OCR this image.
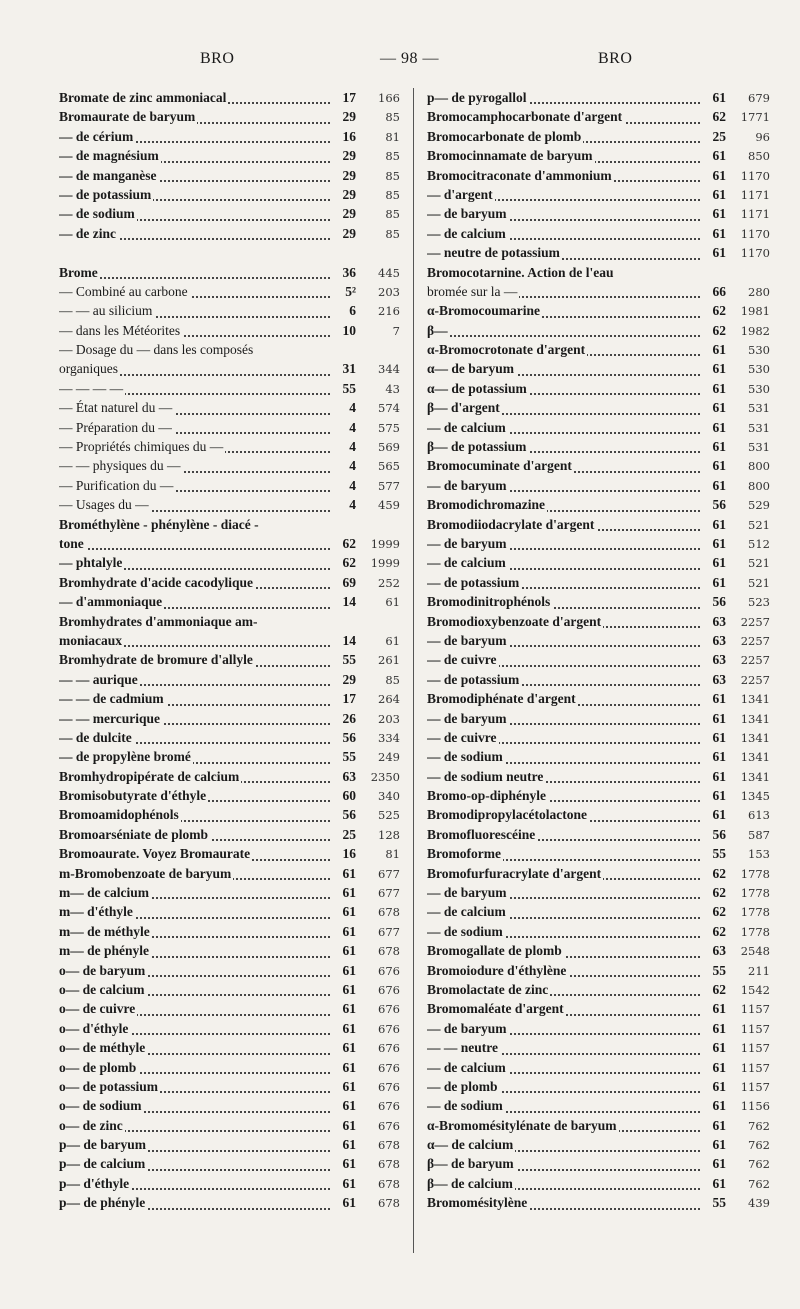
BRO	— 98 —	BRO
Bromate de zinc ammoniacal	17	166
Bromaurate de baryum	29	85
— de cérium	16	81
— de magnésium	29	85
— de manganèse	29	85
— de potassium	29	85
— de sodium	29	85
— de zinc	29	85
Brome	36	445
— Combiné au carbone	5²	203
— — au silicium	6	216
— dans les Météorites	10	7
— Dosage du — dans les composés
organiques	31	344
— — — —	55	43
— État naturel du —	4	574
— Préparation du —	4	575
— Propriétés chimiques du —	4	569
— — physiques du —	4	565
— Purification du —	4	577
— Usages du —	4	459
Brométhylène - phénylène - diacé -
tone	62	1999
— phtalyle	62	1999
Bromhydrate d'acide cacodylique	69	252
— d'ammoniaque	14	61
Bromhydrates d'ammoniaque am-
moniacaux	14	61
Bromhydrate de bromure d'allyle	55	261
— — aurique	29	85
— — de cadmium	17	264
— — mercurique	26	203
— de dulcite	56	334
— de propylène bromé	55	249
Bromhydropipérate de calcium	63	2350
Bromisobutyrate d'éthyle	60	340
Bromoamidophénols	56	525
Bromoarséniate de plomb	25	128
Bromoaurate. Voyez Bromaurate	16	81
m-Bromobenzoate de baryum	61	677
m— de calcium	61	677
m— d'éthyle	61	678
m— de méthyle	61	677
m— de phényle	61	678
o— de baryum	61	676
o— de calcium	61	676
o— de cuivre	61	676
o— d'éthyle	61	676
o— de méthyle	61	676
o— de plomb	61	676
o— de potassium	61	676
o— de sodium	61	676
o— de zinc	61	676
p— de baryum	61	678
p— de calcium	61	678
p— d'éthyle	61	678
p— de phényle	61	678
p— de pyrogallol	61	679
Bromocamphocarbonate d'argent	62	1771
Bromocarbonate de plomb	25	96
Bromocinnamate de baryum	61	850
Bromocitraconate d'ammonium	61	1170
— d'argent	61	1171
— de baryum	61	1171
— de calcium	61	1170
— neutre de potassium	61	1170
Bromocotarnine. Action de l'eau
bromée sur la —	66	280
α-Bromocoumarine	62	1981
β—	62	1982
α-Bromocrotonate d'argent	61	530
α— de baryum	61	530
α— de potassium	61	530
β— d'argent	61	531
— de calcium	61	531
β— de potassium	61	531
Bromocuminate d'argent	61	800
— de baryum	61	800
Bromodichromazine	56	529
Bromodiiodacrylate d'argent	61	521
— de baryum	61	512
— de calcium	61	521
— de potassium	61	521
Bromodinitrophénols	56	523
Bromodioxybenzoate d'argent	63	2257
— de baryum	63	2257
— de cuivre	63	2257
— de potassium	63	2257
Bromodiphénate d'argent	61	1341
— de baryum	61	1341
— de cuivre	61	1341
— de sodium	61	1341
— de sodium neutre	61	1341
Bromo-op-diphényle	61	1345
Bromodipropylacétolactone	61	613
Bromofluorescéine	56	587
Bromoforme	55	153
Bromofurfuracrylate d'argent	62	1778
— de baryum	62	1778
— de calcium	62	1778
— de sodium	62	1778
Bromogallate de plomb	63	2548
Bromoiodure d'éthylène	55	211
Bromolactate de zinc	62	1542
Bromomaléate d'argent	61	1157
— de baryum	61	1157
— — neutre	61	1157
— de calcium	61	1157
— de plomb	61	1157
— de sodium	61	1156
α-Bromomésitylénate de baryum	61	762
α— de calcium	61	762
β— de baryum	61	762
β— de calcium	61	762
Bromomésitylène	55	439
